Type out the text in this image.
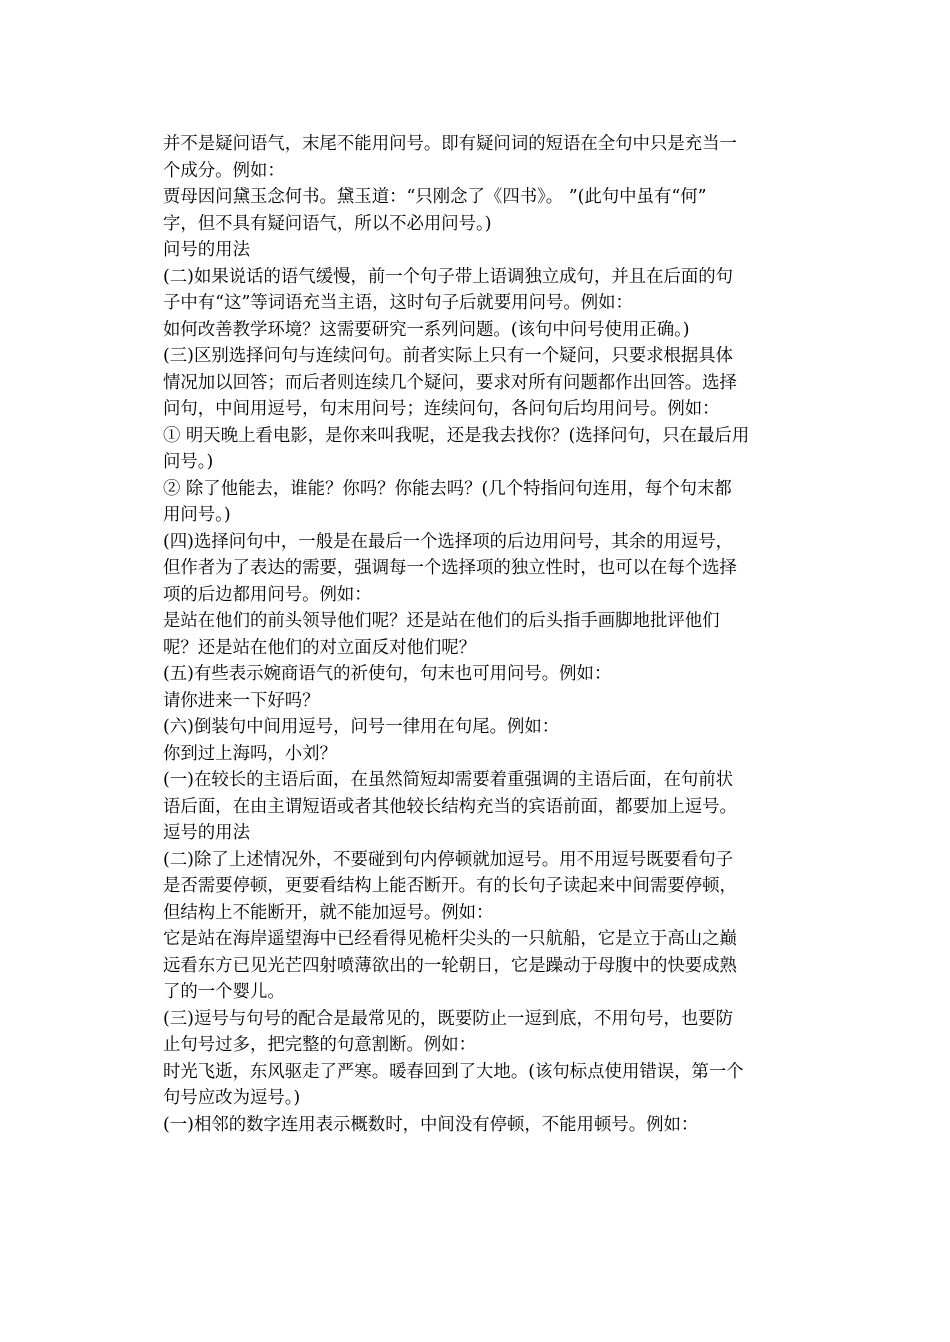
并不是疑问语气，末尾不能用问号。即有疑问词的短语在全句中只是充当一
个成分。例如：
贾母因问黛玉念何书。黛玉道：“只刚念了《四书》。 ”(此句中虽有“何”
字，但不具有疑问语气，所以不必用问号。)
问号的用法
(二)如果说话的语气缓慢，前一个句子带上语调独立成句，并且在后面的句
子中有“这”等词语充当主语，这时句子后就要用问号。例如：
如何改善教学环境？这需要研究一系列问题。(该句中问号使用正确。)
(三)区别选择问句与连续问句。前者实际上只有一个疑问，只要求根据具体
情况加以回答；而后者则连续几个疑问，要求对所有问题都作出回答。选择
问句，中间用逗号，句末用问号；连续问句，各问句后均用问号。例如：
① 明天晚上看电影，是你来叫我呢，还是我去找你？(选择问句，只在最后用
问号。)
② 除了他能去，谁能？你吗？你能去吗？(几个特指问句连用，每个句末都
用问号。)
(四)选择问句中，一般是在最后一个选择项的后边用问号，其余的用逗号，
但作者为了表达的需要，强调每一个选择项的独立性时，也可以在每个选择
项的后边都用问号。例如：
是站在他们的前头领导他们呢？还是站在他们的后头指手画脚地批评他们
呢？还是站在他们的对立面反对他们呢？
(五)有些表示婉商语气的祈使句，句末也可用问号。例如：
请你进来一下好吗？
(六)倒装句中间用逗号，问号一律用在句尾。例如：
你到过上海吗，小刘？
(一)在较长的主语后面，在虽然简短却需要着重强调的主语后面，在句前状
语后面，在由主谓短语或者其他较长结构充当的宾语前面，都要加上逗号。
逗号的用法
(二)除了上述情况外，不要碰到句内停顿就加逗号。用不用逗号既要看句子
是否需要停顿，更要看结构上能否断开。有的长句子读起来中间需要停顿，
但结构上不能断开，就不能加逗号。例如：
它是站在海岸遥望海中已经看得见桅杆尖头的一只航船，它是立于高山之巅
远看东方已见光芒四射喷薄欲出的一轮朝日，它是躁动于母腹中的快要成熟
了的一个婴儿。
(三)逗号与句号的配合是最常见的，既要防止一逗到底，不用句号，也要防
止句号过多，把完整的句意割断。例如：
时光飞逝，东风驱走了严寒。暖春回到了大地。(该句标点使用错误，第一个
句号应改为逗号。)
(一)相邻的数字连用表示概数时，中间没有停顿，不能用顿号。例如：
